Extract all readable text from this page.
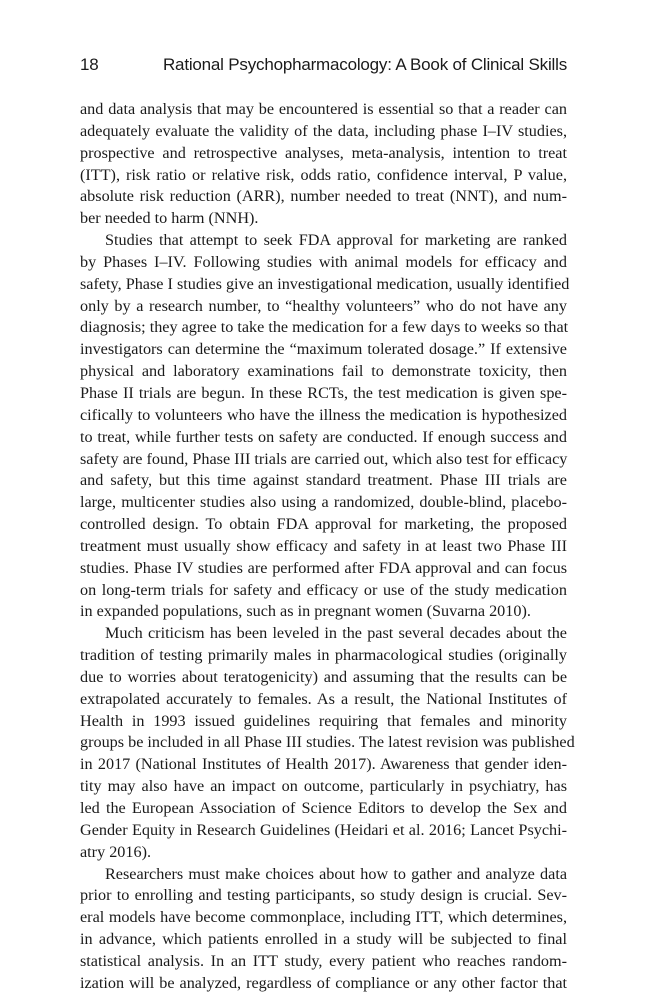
18	Rational Psychopharmacology: A Book of Clinical Skills
and data analysis that may be encountered is essential so that a reader can
adequately evaluate the validity of the data, including phase I–IV studies,
prospective and retrospective analyses, meta-analysis, intention to treat
(ITT), risk ratio or relative risk, odds ratio, confidence interval, P value,
absolute risk reduction (ARR), number needed to treat (NNT), and num-
ber needed to harm (NNH).
Studies that attempt to seek FDA approval for marketing are ranked
by Phases I–IV. Following studies with animal models for efficacy and
safety, Phase I studies give an investigational medication, usually identified
only by a research number, to “healthy volunteers” who do not have any
diagnosis; they agree to take the medication for a few days to weeks so that
investigators can determine the “maximum tolerated dosage.” If extensive
physical and laboratory examinations fail to demonstrate toxicity, then
Phase II trials are begun. In these RCTs, the test medication is given spe-
cifically to volunteers who have the illness the medication is hypothesized
to treat, while further tests on safety are conducted. If enough success and
safety are found, Phase III trials are carried out, which also test for efficacy
and safety, but this time against standard treatment. Phase III trials are
large, multicenter studies also using a randomized, double-blind, placebo-
controlled design. To obtain FDA approval for marketing, the proposed
treatment must usually show efficacy and safety in at least two Phase III
studies. Phase IV studies are performed after FDA approval and can focus
on long-term trials for safety and efficacy or use of the study medication
in expanded populations, such as in pregnant women (Suvarna 2010).
Much criticism has been leveled in the past several decades about the
tradition of testing primarily males in pharmacological studies (originally
due to worries about teratogenicity) and assuming that the results can be
extrapolated accurately to females. As a result, the National Institutes of
Health in 1993 issued guidelines requiring that females and minority
groups be included in all Phase III studies. The latest revision was published
in 2017 (National Institutes of Health 2017). Awareness that gender iden-
tity may also have an impact on outcome, particularly in psychiatry, has
led the European Association of Science Editors to develop the Sex and
Gender Equity in Research Guidelines (Heidari et al. 2016; Lancet Psychi-
atry 2016).
Researchers must make choices about how to gather and analyze data
prior to enrolling and testing participants, so study design is crucial. Sev-
eral models have become commonplace, including ITT, which determines,
in advance, which patients enrolled in a study will be subjected to final
statistical analysis. In an ITT study, every patient who reaches random-
ization will be analyzed, regardless of compliance or any other factor that
